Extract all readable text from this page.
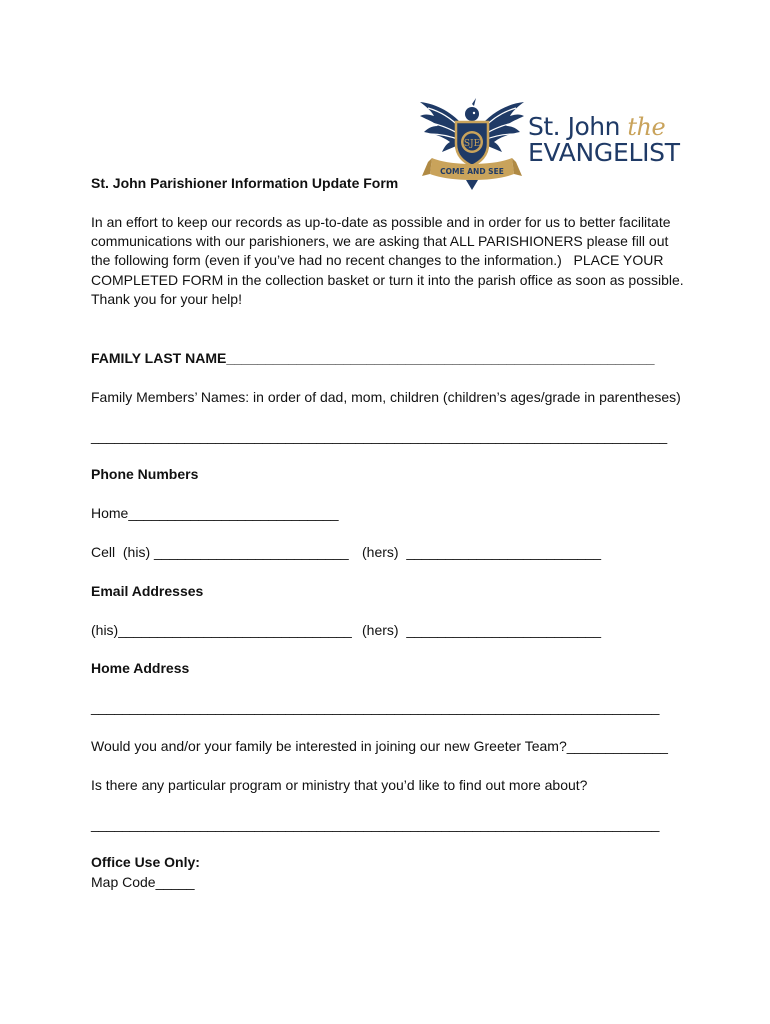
SJE
COME AND SEE
St. John the
EVANGELIST
St. John Parishioner Information Update Form
In an effort to keep our records as up-to-date as possible and in order for us to better facilitate
communications with our parishioners, we are asking that ALL PARISHIONERS please fill out
the following form (even if you’ve had no recent changes to the information.)   PLACE YOUR
COMPLETED FORM in the collection basket or turn it into the parish office as soon as possible.
Thank you for your help!
FAMILY LAST NAME_______________________________________________________
Family Members’ Names: in order of dad, mom, children (children’s ages/grade in parentheses)
__________________________________________________________________________
Phone Numbers
Home___________________________
Cell  (his) _________________________ (hers)  _________________________
Email Addresses
(his)______________________________ (hers)  _________________________
Home Address
_________________________________________________________________________
Would you and/or your family be interested in joining our new Greeter Team?_____________
Is there any particular program or ministry that you’d like to find out more about?
_________________________________________________________________________
Office Use Only:
Map Code_____
